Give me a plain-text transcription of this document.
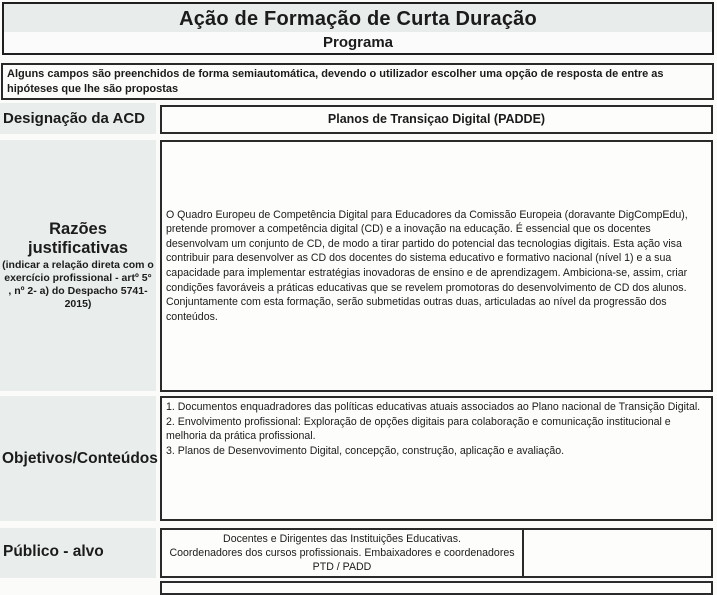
Ação de Formação de Curta Duração
Programa
Alguns campos são preenchidos de forma semiautomática, devendo o utilizador escolher uma opção de resposta de entre as hipóteses que lhe são propostas
Designação da ACD	Planos de Transiçao Digital (PADDE)
Razões justificativas
(indicar a relação direta com o exercício profissional - artº 5° , nº 2- a) do Despacho 5741-2015)
O Quadro Europeu de Competência Digital para Educadores da Comissão Europeia (doravante DigCompEdu), pretende promover a competência digital (CD) e a inovação na educação. É essencial que os docentes desenvolvam um conjunto de CD, de modo a tirar partido do potencial das tecnologias digitais. Esta ação visa contribuir para desenvolver as CD dos docentes do sistema educativo e formativo nacional (nível 1) e a sua capacidade para implementar estratégias inovadoras de ensino e de aprendizagem. Ambiciona-se, assim, criar condições favoráveis a práticas educativas que se revelem promotoras do desenvolvimento de CD dos alunos. Conjuntamente com esta formação, serão submetidas outras duas, articuladas ao nível da progressão dos conteúdos.
Objetivos/Conteúdos
1. Documentos enquadradores das políticas educativas atuais associados ao Plano nacional de Transição Digital.
2. Envolvimento profissional: Exploração de opções digitais para colaboração e comunicação institucional e melhoria da prática profissional.
3. Planos de Desenvovimento Digital, concepção, construção, aplicação e avaliação.
Público - alvo
Docentes e Dirigentes das Instituições Educativas.
Coordenadores dos cursos profissionais. Embaixadores e coordenadores
PTD / PADD
